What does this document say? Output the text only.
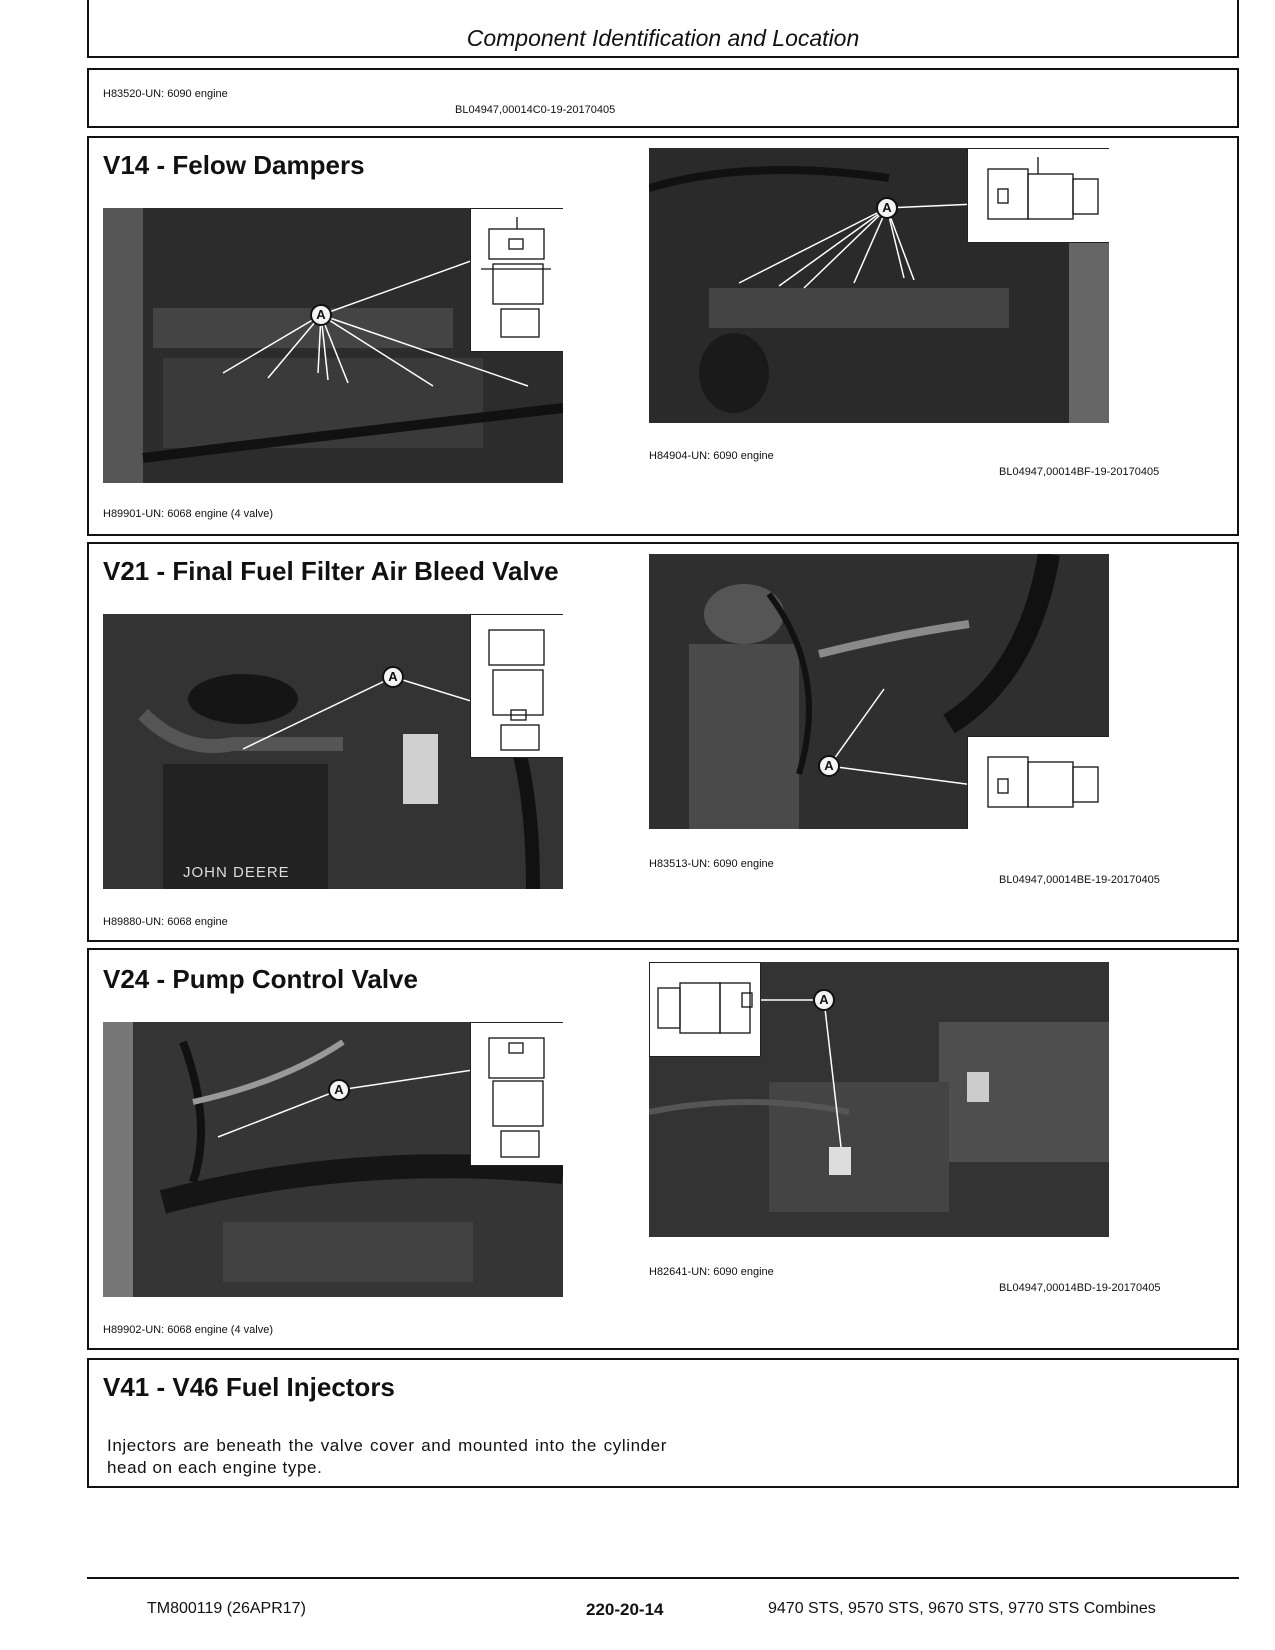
Component Identification and Location
H83520-UN: 6090 engine
BL04947,00014C0-19-20170405
V14 - Felow Dampers
A
H89901-UN: 6068 engine (4 valve)
A
H84904-UN: 6090 engine
BL04947,00014BF-19-20170405
V21 - Final Fuel Filter Air Bleed Valve
JOHN DEERE
A
H89880-UN: 6068 engine
A
H83513-UN: 6090 engine
BL04947,00014BE-19-20170405
V24 - Pump Control Valve
A
H89902-UN: 6068 engine (4 valve)
A
H82641-UN: 6090 engine
BL04947,00014BD-19-20170405
V41 - V46 Fuel Injectors
Injectors are beneath the valve cover and mounted into the cylinder head on each engine type.
TM800119 (26APR17)	220-20-14	9470 STS, 9570 STS, 9670 STS, 9770 STS Combines
